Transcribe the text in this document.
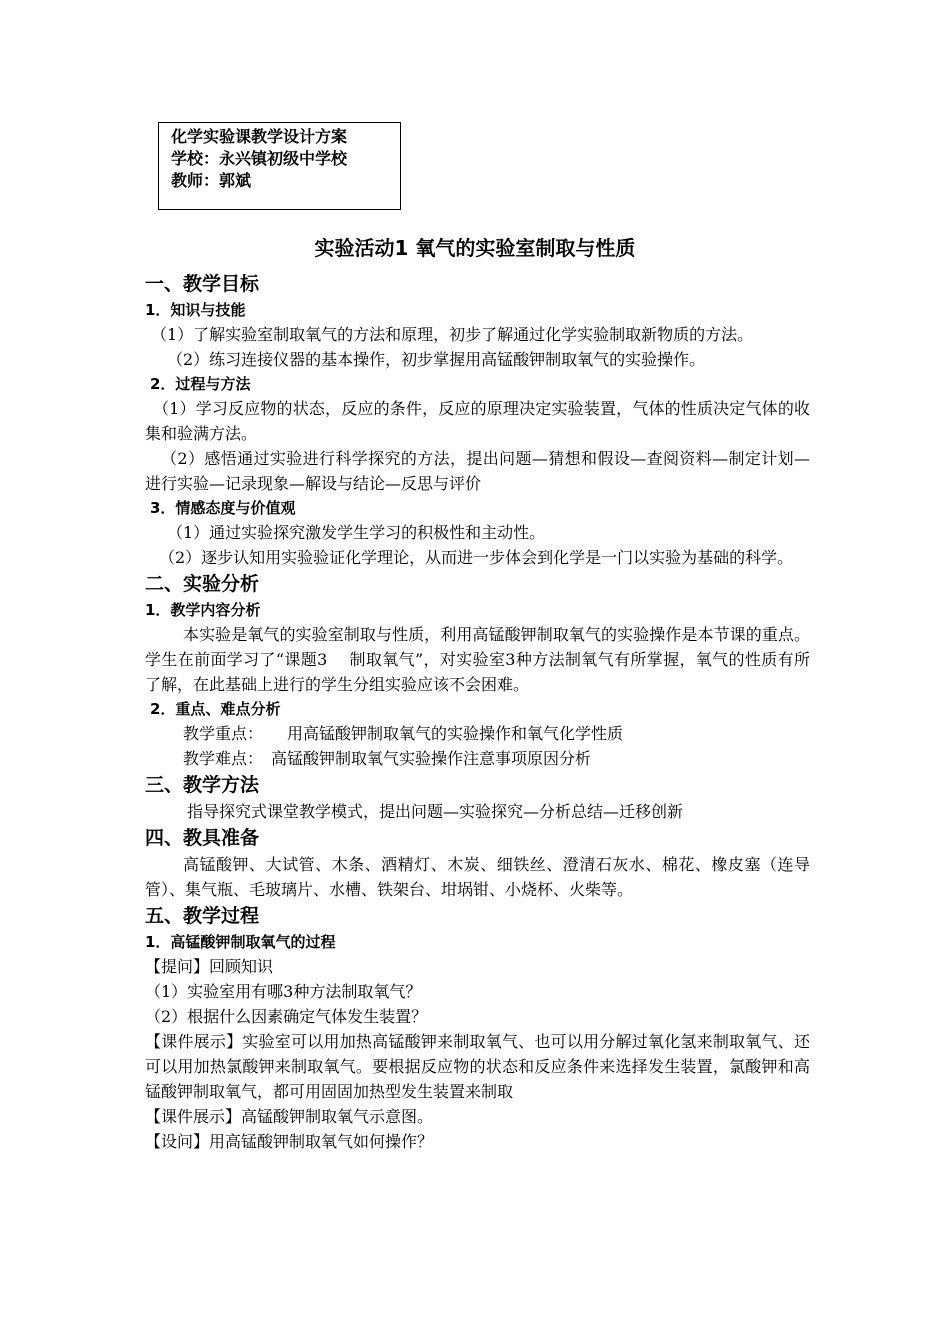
化学实验课教学设计方案
学校：永兴镇初级中学校
教师：郭斌
实验活动1 氧气的实验室制取与性质
一、教学目标
1．知识与技能
（1）了解实验室制取氧气的方法和原理，初步了解通过化学实验制取新物质的方法。
（2）练习连接仪器的基本操作，初步掌握用高锰酸钾制取氧气的实验操作。
2．过程与方法
（1）学习反应物的状态，反应的条件，反应的原理决定实验装置，气体的性质决定气体的收集和验满方法。
（2）感悟通过实验进行科学探究的方法，提出问题—猜想和假设—查阅资料—制定计划—进行实验—记录现象—解设与结论—反思与评价
3．情感态度与价值观
（1）通过实验探究激发学生学习的积极性和主动性。
（2）逐步认知用实验验证化学理论，从而进一步体会到化学是一门以实验为基础的科学。
二、实验分析
1．教学内容分析
本实验是氧气的实验室制取与性质，利用高锰酸钾制取氧气的实验操作是本节课的重点。学生在前面学习了“课题3　 制取氧气”，对实验室3种方法制氧气有所掌握，氧气的性质有所了解，在此基础上进行的学生分组实验应该不会困难。
2．重点、难点分析
教学重点：　　用高锰酸钾制取氧气的实验操作和氧气化学性质
教学难点：　高锰酸钾制取氧气实验操作注意事项原因分析
三、教学方法
指导探究式课堂教学模式，提出问题—实验探究—分析总结—迁移创新
四、教具准备
高锰酸钾、大试管、木条、酒精灯、木炭、细铁丝、澄清石灰水、棉花、橡皮塞（连导管）、集气瓶、毛玻璃片、水槽、铁架台、坩埚钳、小烧杯、火柴等。
五、教学过程
1．高锰酸钾制取氧气的过程
【提问】回顾知识
（1）实验室用有哪3种方法制取氧气？
（2）根据什么因素确定气体发生装置？
【课件展示】实验室可以用加热高锰酸钾来制取氧气、也可以用分解过氧化氢来制取氧气、还可以用加热氯酸钾来制取氧气。要根据反应物的状态和反应条件来选择发生装置，氯酸钾和高锰酸钾制取氧气，都可用固固加热型发生装置来制取
【课件展示】高锰酸钾制取氧气示意图。
【设问】用高锰酸钾制取氧气如何操作？
